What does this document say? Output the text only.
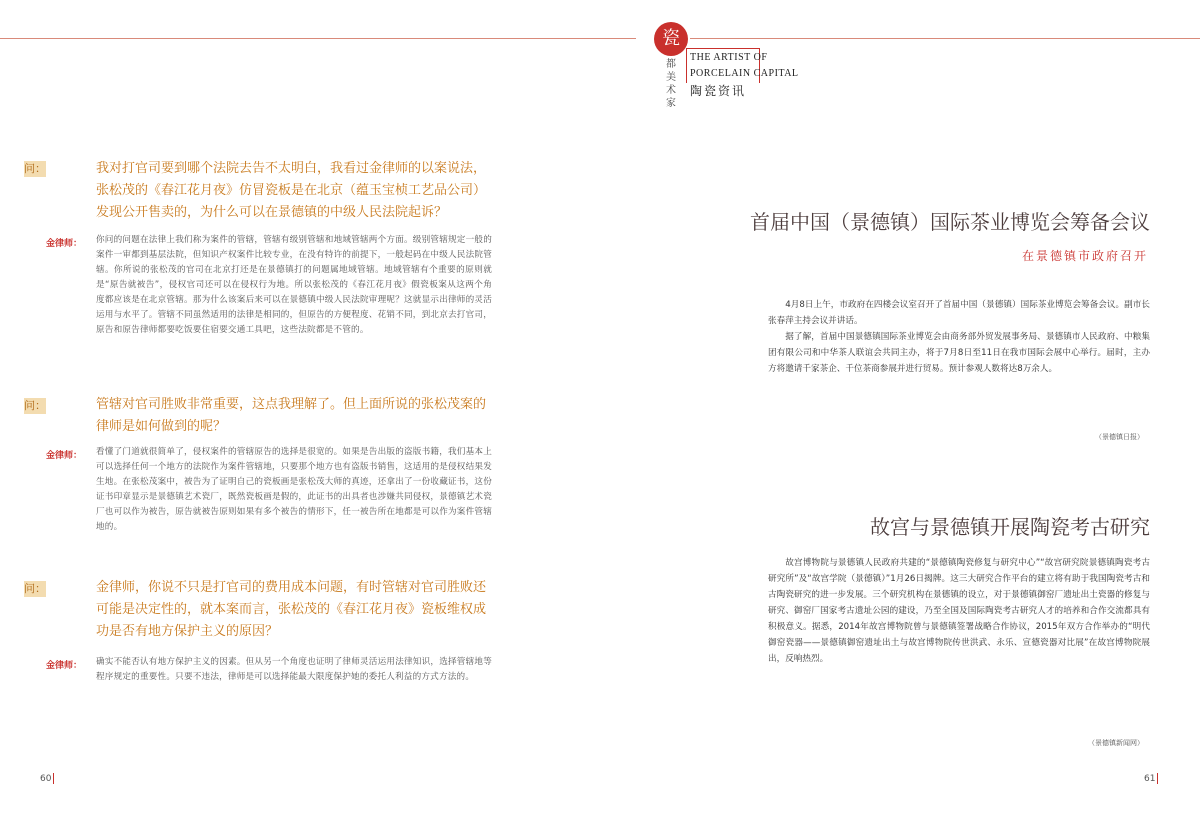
瓷
都
美
术
家
THE ARTIST OF
PORCELAIN CAPITAL
陶瓷资讯
问：	我对打官司要到哪个法院去告不太明白，我看过金律师的以案说法，张松茂的《春江花月夜》仿冒瓷板是在北京（蕴玉宝桢工艺品公司）发现公开售卖的，为什么可以在景德镇的中级人民法院起诉？
金律师： 你问的问题在法律上我们称为案件的管辖，管辖有级别管辖和地域管辖两个方面。级别管辖规定一般的案件一审都到基层法院，但知识产权案件比较专业，在没有特许的前提下，一般起码在中级人民法院管辖。你所说的张松茂的官司在北京打还是在景德镇打的问题属地域管辖。地域管辖有个重要的原则就是“原告就被告”，侵权官司还可以在侵权行为地。所以张松茂的《春江花月夜》假瓷板案从这两个角度都应该是在北京管辖。那为什么该案后来可以在景德镇中级人民法院审理呢？这就显示出律师的灵活运用与水平了。管辖不同虽然适用的法律是相同的，但原告的方便程度、花销不同，到北京去打官司，原告和原告律师都要吃饭要住宿要交通工具吧，这些法院都是不管的。
问：	管辖对官司胜败非常重要，这点我理解了。但上面所说的张松茂案的律师是如何做到的呢？
金律师： 看懂了门道就很简单了，侵权案件的管辖原告的选择是很宽的。如果是告出版的盗版书籍，我们基本上可以选择任何一个地方的法院作为案件管辖地，只要那个地方也有盗版书销售，这适用的是侵权结果发生地。在张松茂案中，被告为了证明自己的瓷板画是张松茂大师的真迹，还拿出了一份收藏证书，这份证书印章显示是景德镇艺术瓷厂，既然瓷板画是假的，此证书的出具者也涉嫌共同侵权，景德镇艺术瓷厂也可以作为被告，原告就被告原则如果有多个被告的情形下，任一被告所在地都是可以作为案件管辖地的。
问：	金律师，你说不只是打官司的费用成本问题，有时管辖对官司胜败还可能是决定性的，就本案而言，张松茂的《春江花月夜》瓷板维权成功是否有地方保护主义的原因？
金律师： 确实不能否认有地方保护主义的因素。但从另一个角度也证明了律师灵活运用法律知识，选择管辖地等程序规定的重要性。只要不违法，律师是可以选择能最大限度保护她的委托人利益的方式方法的。
60
首届中国（景德镇）国际茶业博览会筹备会议
在景德镇市政府召开

4月8日上午，市政府在四楼会议室召开了首届中国（景德镇）国际茶业博览会筹备会议。副市长张春萍主持会议并讲话。

据了解，首届中国景德镇国际茶业博览会由商务部外贸发展事务局、景德镇市人民政府、中粮集团有限公司和中华茶人联谊会共同主办，将于7月8日至11日在我市国际会展中心举行。届时，主办方将邀请千家茶企、千位茶商参展并进行贸易。预计参观人数将达8万余人。

（景德镇日报）
故宫与景德镇开展陶瓷考古研究

故宫博物院与景德镇人民政府共建的“景德镇陶瓷修复与研究中心”“故宫研究院景德镇陶瓷考古研究所”及“故宫学院（景德镇）”1月26日揭牌。这三大研究合作平台的建立将有助于我国陶瓷考古和古陶瓷研究的进一步发展。三个研究机构在景德镇的设立，对于景德镇御窑厂遗址出土瓷器的修复与研究、御窑厂国家考古遗址公园的建设，乃至全国及国际陶瓷考古研究人才的培养和合作交流都具有积极意义。据悉，2014年故宫博物院曾与景德镇签署战略合作协议，2015年双方合作举办的“明代御窑瓷器——景德镇御窑遗址出土与故宫博物院传世洪武、永乐、宣德瓷器对比展”在故宫博物院展出，反响热烈。

（景德镇新闻网）
61
